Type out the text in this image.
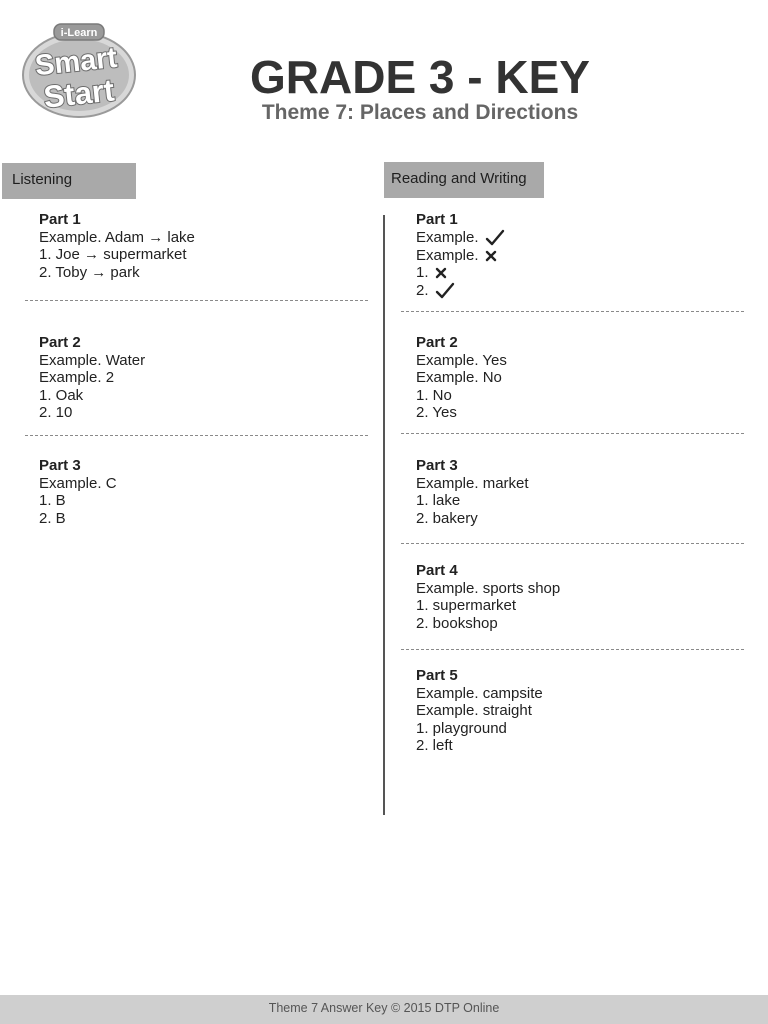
i-Learn
Smart
Start	GRADE 3 - KEY
Theme 7: Places and Directions
Listening	Reading and Writing
Part 1
Example. Adam → lake
1. Joe → supermarket
2. Toby → park
Part 2
Example. Water
Example. 2
1. Oak
2. 10
Part 3
Example. C
1. B
2. B
Part 1
Example.
Example.
1.
2.
Part 2
Example. Yes
Example. No
1. No
2. Yes
Part 3
Example. market
1. lake
2. bakery
Part 4
Example. sports shop
1. supermarket
2. bookshop
Part 5
Example. campsite
Example. straight
1. playground
2. left
Theme 7 Answer Key © 2015 DTP Online
